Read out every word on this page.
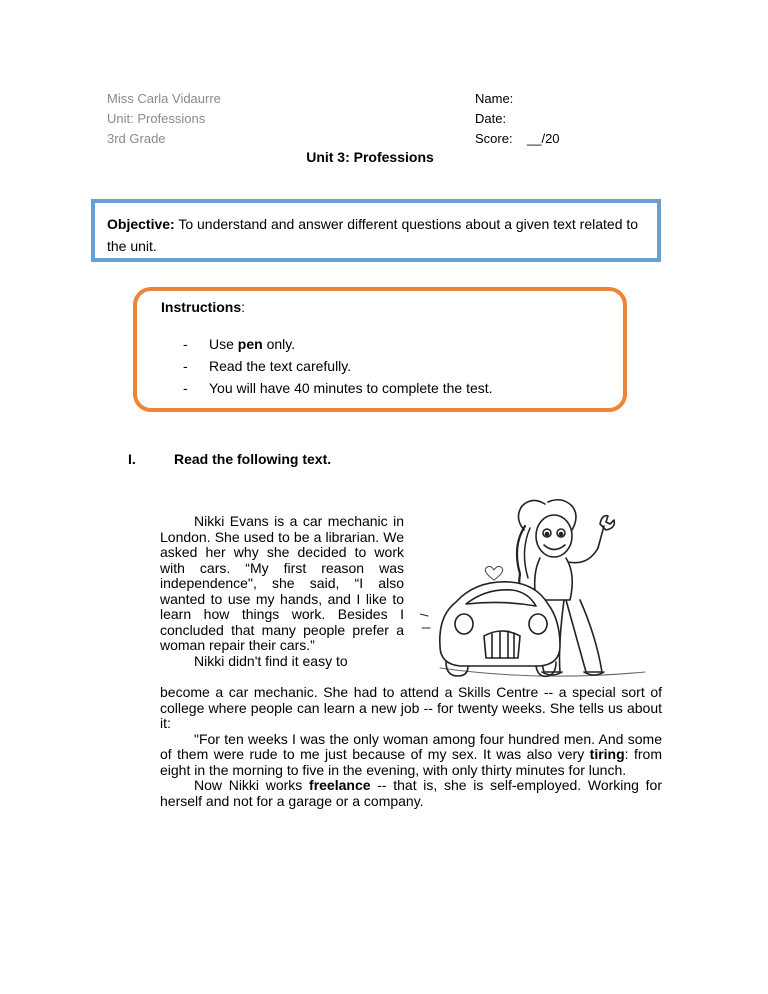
Miss Carla Vidaurre
Unit: Professions
3rd Grade
Name:
Date:
Score: __/20
Unit 3: Professions
Objective: To understand and answer different questions about a given text related to the unit.
Instructions:
- Use pen only.
- Read the text carefully.
- You will have 40 minutes to complete the test.
I.	Read the following text.
Nikki Evans is a car mechanic in London. She used to be a librarian. We asked her why she decided to work with cars. “My first reason was independence", she said, “I also wanted to use my hands, and I like to learn how things work. Besides I concluded that many people prefer a woman repair their cars.”
Nikki didn't find it easy to
become a car mechanic. She had to attend a Skills Centre -- a special sort of college where people can learn a new job -- for twenty weeks. She tells us about it:
"For ten weeks I was the only woman among four hundred men. And some of them were rude to me just because of my sex. It was also very tiring: from eight in the morning to five in the evening, with only thirty minutes for lunch.
Now Nikki works freelance -- that is, she is self-employed. Working for herself and not for a garage or a company.
